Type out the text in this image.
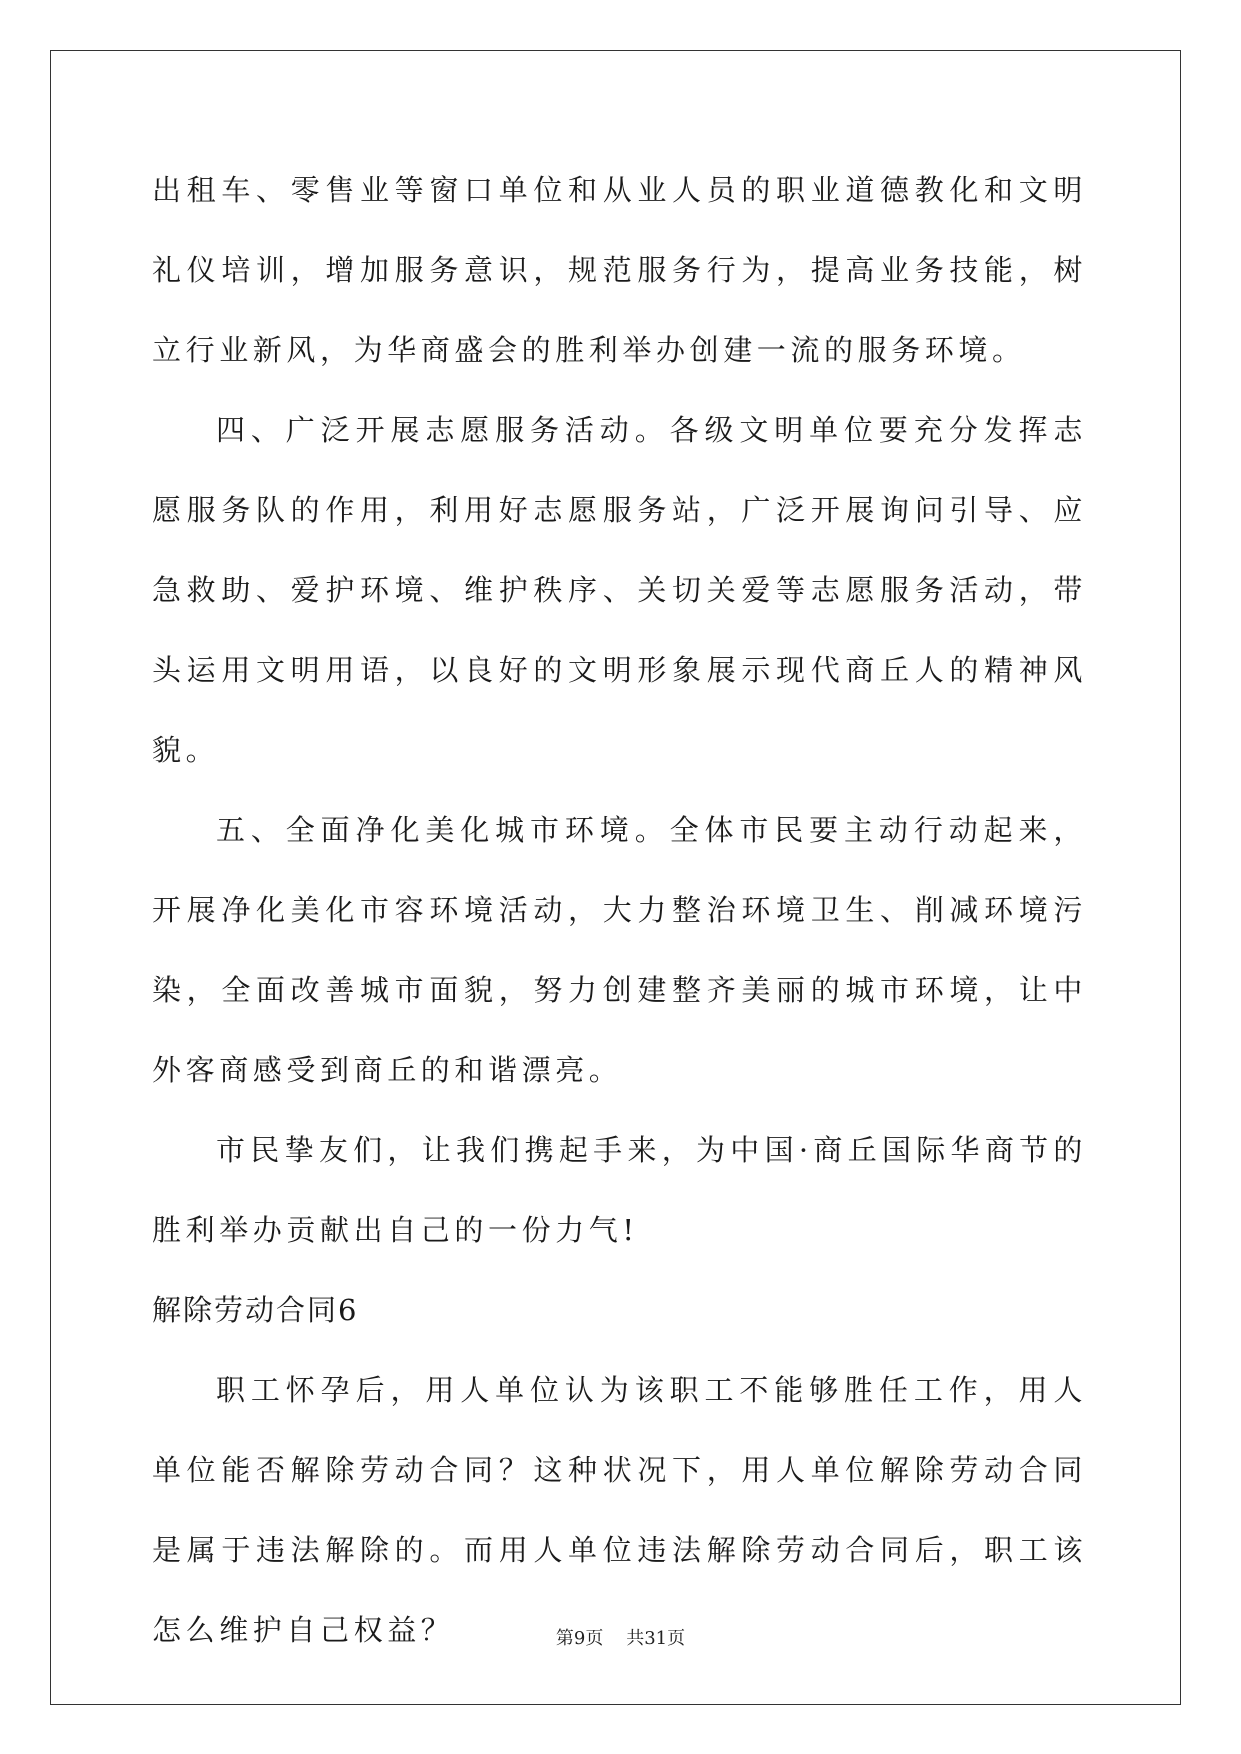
出租车、零售业等窗口单位和从业人员的职业道德教化和文明礼仪培训，增加服务意识，规范服务行为，提高业务技能，树立行业新风，为华商盛会的胜利举办创建一流的服务环境。

四、广泛开展志愿服务活动。各级文明单位要充分发挥志愿服务队的作用，利用好志愿服务站，广泛开展询问引导、应急救助、爱护环境、维护秩序、关切关爱等志愿服务活动，带头运用文明用语，以良好的文明形象展示现代商丘人的精神风貌。

五、全面净化美化城市环境。全体市民要主动行动起来，开展净化美化市容环境活动，大力整治环境卫生、削减环境污染，全面改善城市面貌，努力创建整齐美丽的城市环境，让中外客商感受到商丘的和谐漂亮。

市民挚友们，让我们携起手来，为中国·商丘国际华商节的胜利举办贡献出自己的一份力气!

解除劳动合同6

职工怀孕后，用人单位认为该职工不能够胜任工作，用人单位能否解除劳动合同？这种状况下，用人单位解除劳动合同是属于违法解除的。而用人单位违法解除劳动合同后，职工该怎么维护自己权益？	第9页    共31页
